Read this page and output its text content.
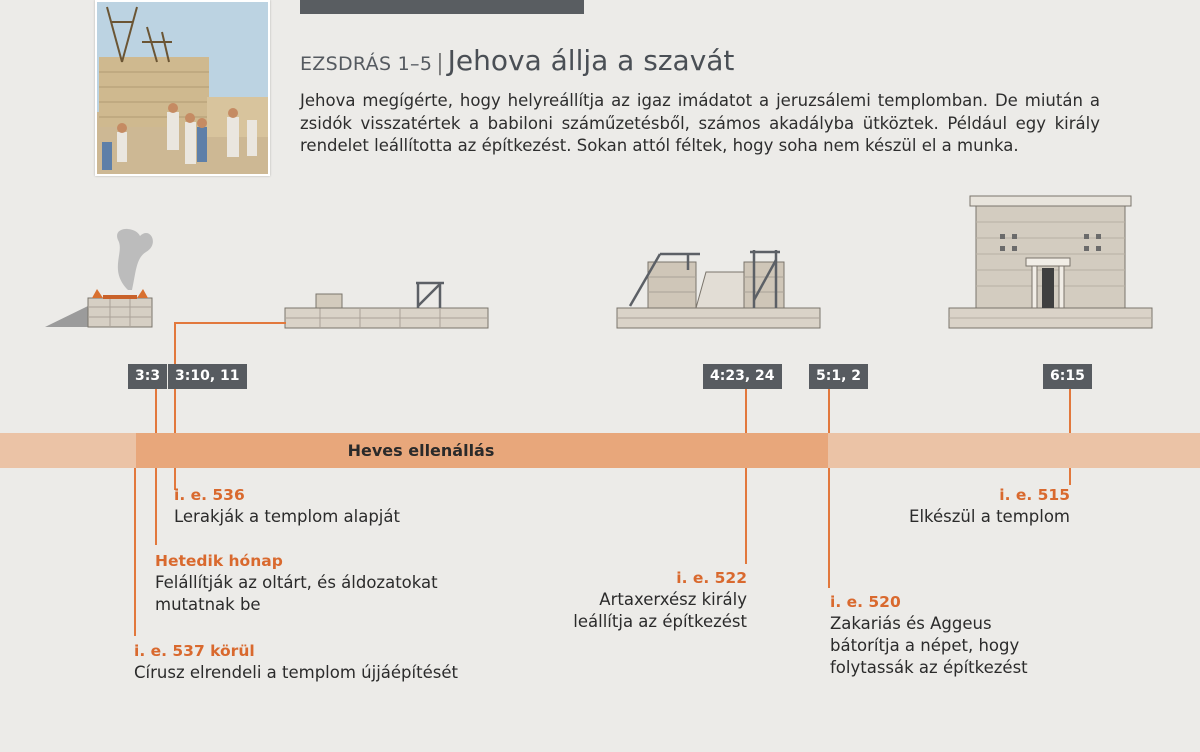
EZSDRÁS 1–5 | Jehova állja a szavát
Jehova megígérte, hogy helyreállítja az igaz imádatot a jeruzsálemi templomban. De miután a zsidók visszatértek a babiloni száműzetésből, számos akadályba ütköztek. Például egy király rendelet leállította az építkezést. Sokan attól féltek, hogy soha nem készül el a munka.
Heves ellenállás
3:3	3:10, 11	4:23, 24	5:1, 2	6:15
i. e. 536
Lerakják a templom alapját
Hetedik hónap
Felállítják az oltárt, és áldozatokat
mutatnak be
i. e. 537 körül
Círusz elrendeli a templom újjáépítését
i. e. 522
Artaxerxész király
leállítja az építkezést
i. e. 520
Zakariás és Aggeus
bátorítja a népet, hogy
folytassák az építkezést
i. e. 515
Elkészül a templom
